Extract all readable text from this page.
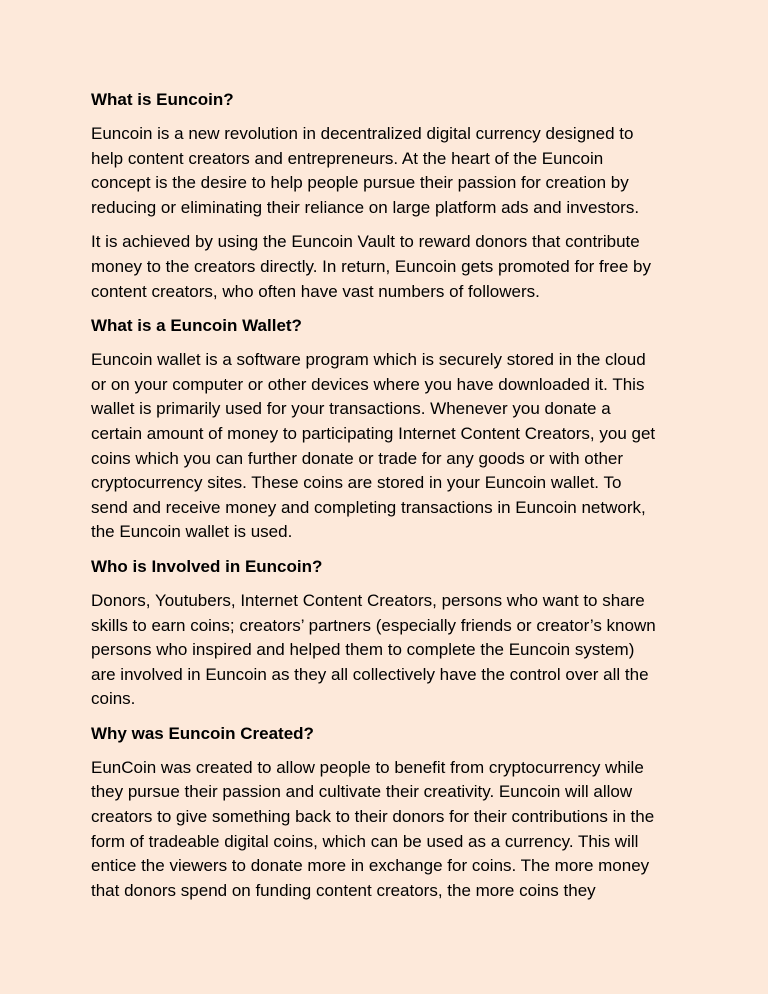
What is Euncoin?
Euncoin is a new revolution in decentralized digital currency designed to
help content creators and entrepreneurs. At the heart of the Euncoin
concept is the desire to help people pursue their passion for creation by
reducing or eliminating their reliance on large platform ads and investors.
It is achieved by using the Euncoin Vault to reward donors that contribute
money to the creators directly. In return, Euncoin gets promoted for free by
content creators, who often have vast numbers of followers.
What is a Euncoin Wallet?
Euncoin wallet is a software program which is securely stored in the cloud
or on your computer or other devices where you have downloaded it. This
wallet is primarily used for your transactions. Whenever you donate a
certain amount of money to participating Internet Content Creators, you get
coins which you can further donate or trade for any goods or with other
cryptocurrency sites. These coins are stored in your Euncoin wallet. To
send and receive money and completing transactions in Euncoin network,
the Euncoin wallet is used.
Who is Involved in Euncoin?
Donors, Youtubers, Internet Content Creators, persons who want to share
skills to earn coins; creators’ partners (especially friends or creator’s known
persons who inspired and helped them to complete the Euncoin system)
are involved in Euncoin as they all collectively have the control over all the
coins.
Why was Euncoin Created?
EunCoin was created to allow people to benefit from cryptocurrency while
they pursue their passion and cultivate their creativity. Euncoin will allow
creators to give something back to their donors for their contributions in the
form of tradeable digital coins, which can be used as a currency. This will
entice the viewers to donate more in exchange for coins. The more money
that donors spend on funding content creators, the more coins they
